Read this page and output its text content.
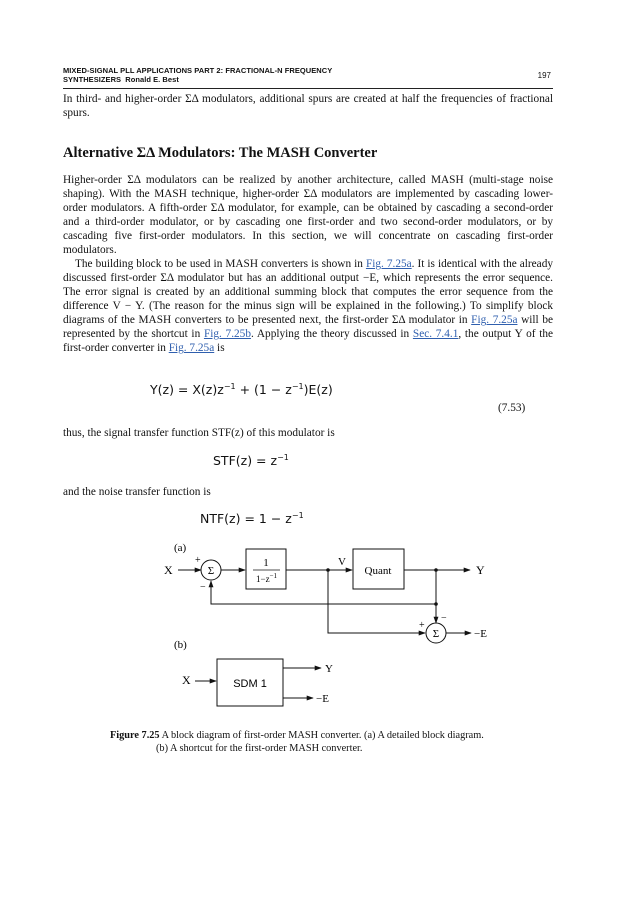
MIXED-SIGNAL PLL APPLICATIONS PART 2: FRACTIONAL-N FREQUENCY
SYNTHESIZERS Ronald E. Best	197
In third- and higher-order ΣΔ modulators, additional spurs are created at half the frequencies of fractional spurs.
Alternative ΣΔ Modulators: The MASH Converter
Higher-order ΣΔ modulators can be realized by another architecture, called MASH (multi-stage noise shaping). With the MASH technique, higher-order ΣΔ modulators are implemented by cascading lower-order modulators. A fifth-order ΣΔ modulator, for example, can be obtained by cascading a second-order and a third-order modulator, or by cascading one first-order and two second-order modulators, or by cascading five first-order modulators. In this section, we will concentrate on cascading first-order modulators.
The building block to be used in MASH converters is shown in Fig. 7.25a. It is identical with the already discussed first-order ΣΔ modulator but has an additional output −E, which represents the error sequence. The error signal is created by an additional summing block that computes the error sequence from the difference V − Y. (The reason for the minus sign will be explained in the following.) To simplify block diagrams of the MASH converters to be presented next, the first-order ΣΔ modulator in Fig. 7.25a will be represented by the shortcut in Fig. 7.25b. Applying the theory discussed in Sec. 7.4.1, the output Y of the first-order converter in Fig. 7.25a is
$Y(z) = X(z)z^{-1} + (1 - z^{-1})E(z)$
(7.53)
thus, the signal transfer function STF(z) of this modulator is
$STF(z) = z^{-1}$
and the noise transfer function is
$NTF(z) = 1 - z^{-1}$
(a)
X	Σ
+
−
1
$1-z^{-1}$
V
Quant	Y
Σ
+
−
−E
(b)
X	SDM 1
Y
−E
Figure 7.25 A block diagram of first-order MASH converter. (a) A detailed block diagram.
(b) A shortcut for the first-order MASH converter.
